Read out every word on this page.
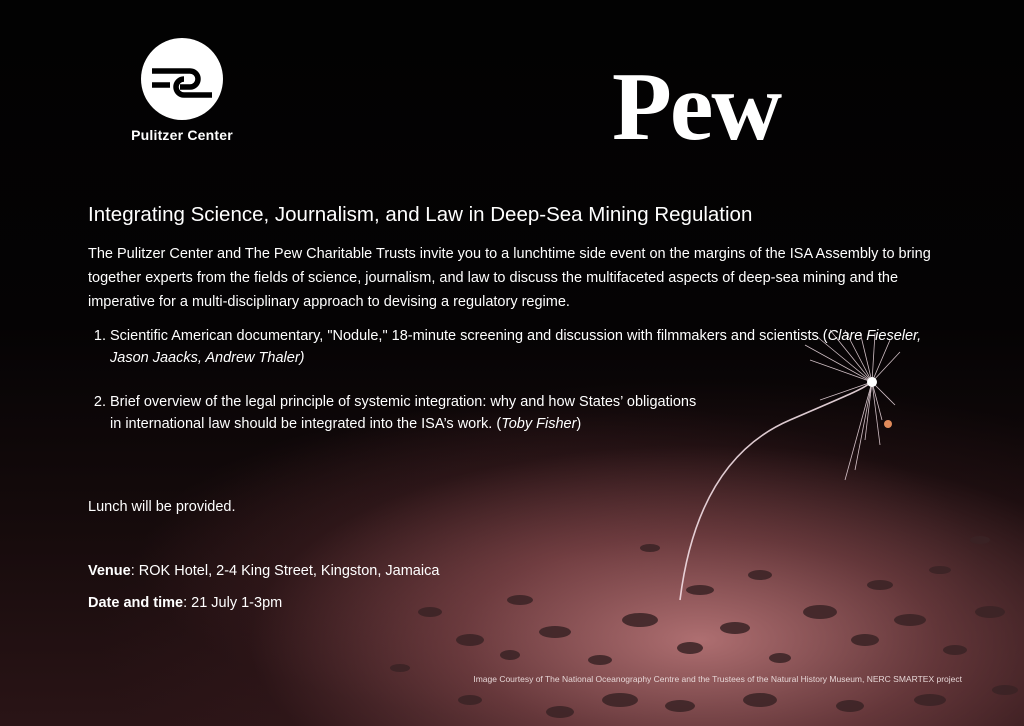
Pulitzer Center	Pew
Integrating Science, Journalism, and Law in Deep-Sea Mining Regulation

The Pulitzer Center and The Pew Charitable Trusts invite you to a lunchtime side event on the margins of the ISA Assembly to bring together experts from the fields of science, journalism, and law to discuss the multifaceted aspects of deep-sea mining and the imperative for a multi-disciplinary approach to devising a regulatory regime.

1. Scientific American documentary, "Nodule," 18-minute screening and discussion with filmmakers and scientists (Clare Fieseler, Jason Jaacks, Andrew Thaler)
2. Brief overview of the legal principle of systemic integration: why and how States’ obligations in international law should be integrated into the ISA’s work. (Toby Fisher)

Lunch will be provided.

Venue: ROK Hotel, 2-4 King Street, Kingston, Jamaica

Date and time: 21 July 1-3pm

Image Courtesy of The National Oceanography Centre and the Trustees of the Natural History Museum, NERC SMARTEX project
